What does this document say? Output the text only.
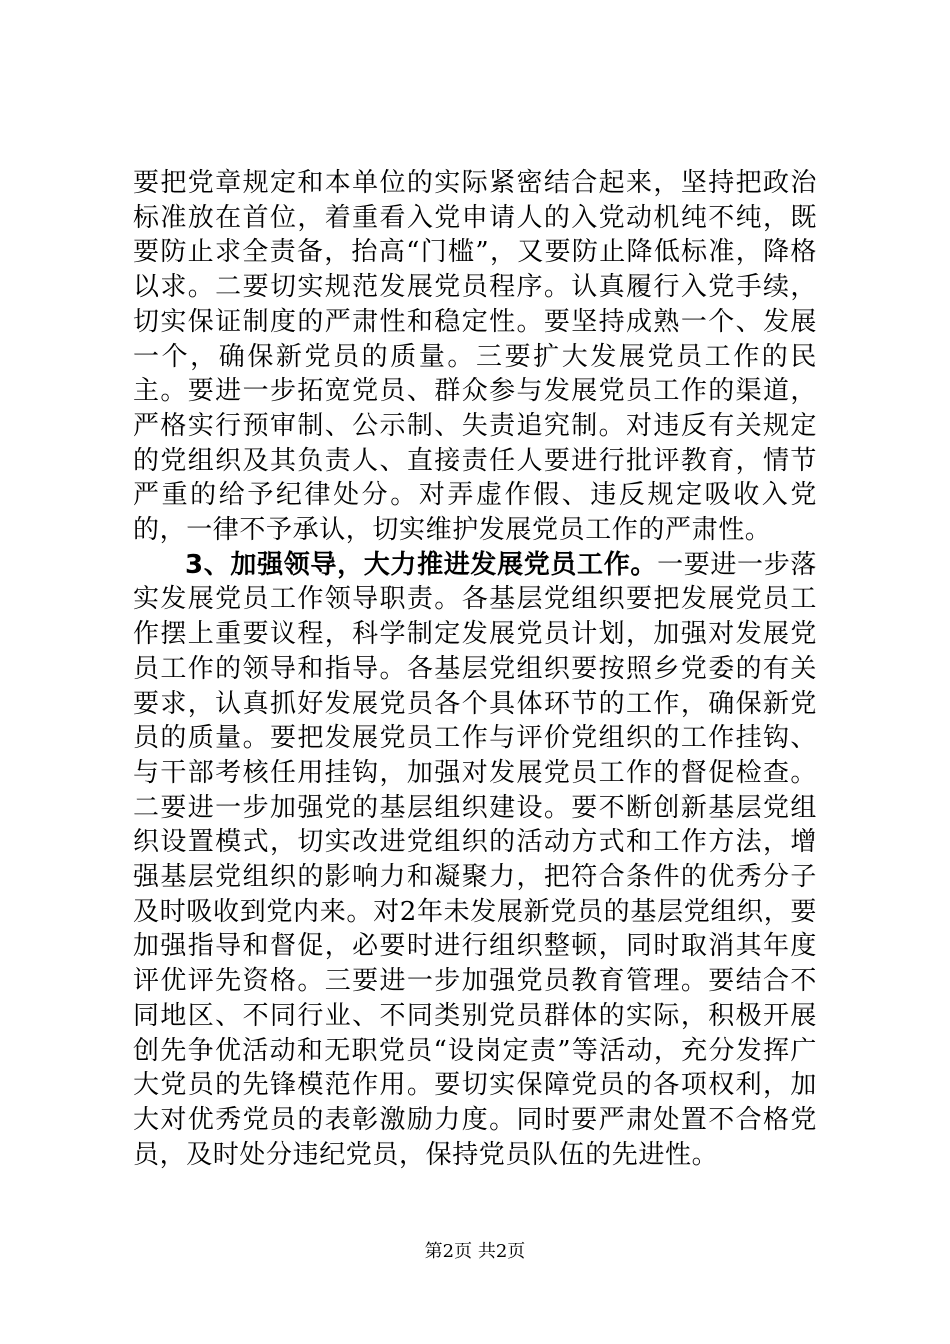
要把党章规定和本单位的实际紧密结合起来，坚持把政治标准放在首位，着重看入党申请人的入党动机纯不纯，既要防止求全责备，抬高“门槛”，又要防止降低标准，降格以求。二要切实规范发展党员程序。认真履行入党手续，切实保证制度的严肃性和稳定性。要坚持成熟一个、发展一个，确保新党员的质量。三要扩大发展党员工作的民主。要进一步拓宽党员、群众参与发展党员工作的渠道，严格实行预审制、公示制、失责追究制。对违反有关规定的党组织及其负责人、直接责任人要进行批评教育，情节严重的给予纪律处分。对弄虚作假、违反规定吸收入党的，一律不予承认，切实维护发展党员工作的严肃性。

3、加强领导，大力推进发展党员工作。一要进一步落实发展党员工作领导职责。各基层党组织要把发展党员工作摆上重要议程，科学制定发展党员计划，加强对发展党员工作的领导和指导。各基层党组织要按照乡党委的有关要求，认真抓好发展党员各个具体环节的工作，确保新党员的质量。要把发展党员工作与评价党组织的工作挂钩、与干部考核任用挂钩，加强对发展党员工作的督促检查。二要进一步加强党的基层组织建设。要不断创新基层党组织设置模式，切实改进党组织的活动方式和工作方法，增强基层党组织的影响力和凝聚力，把符合条件的优秀分子及时吸收到党内来。对2年未发展新党员的基层党组织，要加强指导和督促，必要时进行组织整顿，同时取消其年度评优评先资格。三要进一步加强党员教育管理。要结合不同地区、不同行业、不同类别党员群体的实际，积极开展创先争优活动和无职党员“设岗定责”等活动，充分发挥广大党员的先锋模范作用。要切实保障党员的各项权利，加大对优秀党员的表彰激励力度。同时要严肃处置不合格党员，及时处分违纪党员，保持党员队伍的先进性。

第2页 共2页
